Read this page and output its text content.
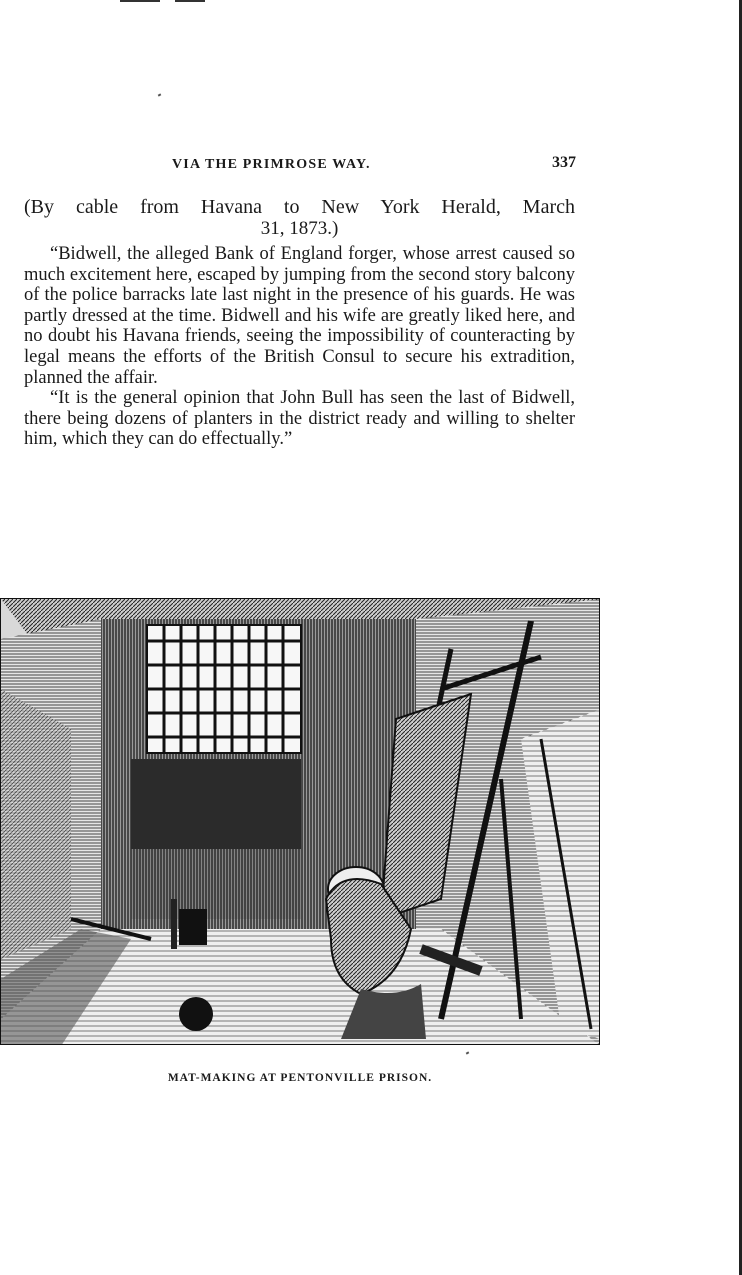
VIA THE PRIMROSE WAY.	337
(By cable from Havana to New York Herald, March
31, 1873.)

“Bidwell, the alleged Bank of England forger, whose arrest caused so much excitement here, escaped by jumping from the second story balcony of the police barracks late last night in the presence of his guards. He was partly dressed at the time. Bidwell and his wife are greatly liked here, and no doubt his Havana friends, seeing the impossibility of counteracting by legal means the efforts of the British Consul to secure his extradition, planned the affair.

“It is the general opinion that John Bull has seen the last of Bidwell, there being dozens of planters in the district ready and willing to shelter him, which they can do effectually.”

MAT-MAKING AT PENTONVILLE PRISON.
